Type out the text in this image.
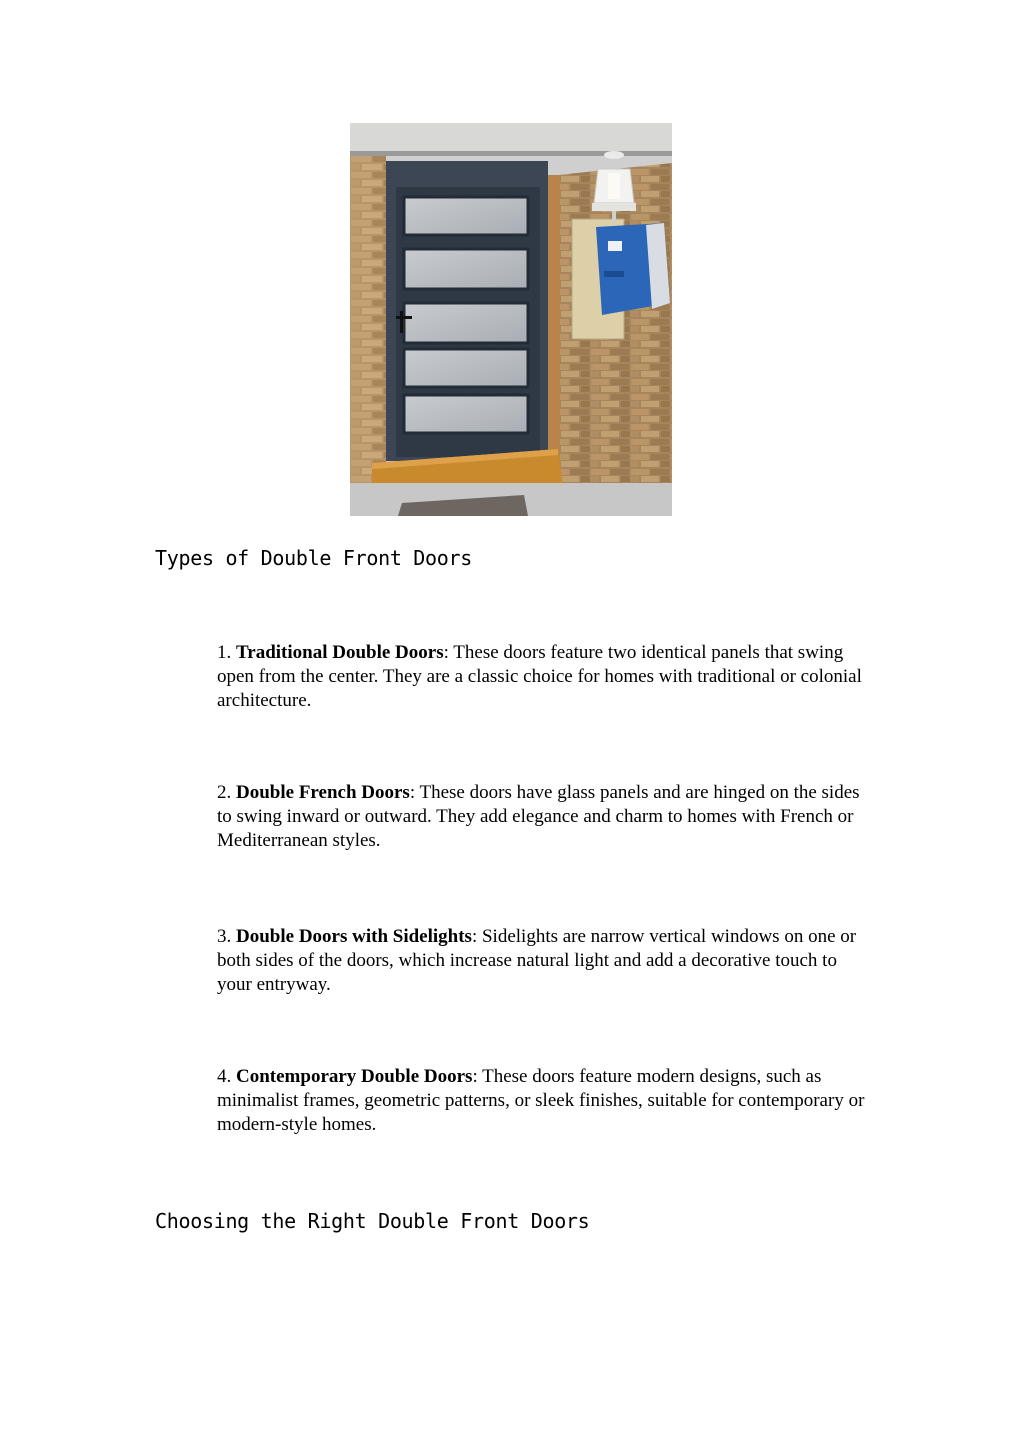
Types of Double Front Doors

1. Traditional Double Doors: These doors feature two identical panels that swing open from the center. They are a classic choice for homes with traditional or colonial architecture.

2. Double French Doors: These doors have glass panels and are hinged on the sides to swing inward or outward. They add elegance and charm to homes with French or Mediterranean styles.

3. Double Doors with Sidelights: Sidelights are narrow vertical windows on one or both sides of the doors, which increase natural light and add a decorative touch to your entryway.

4. Contemporary Double Doors: These doors feature modern designs, such as minimalist frames, geometric patterns, or sleek finishes, suitable for contemporary or modern-style homes.

Choosing the Right Double Front Doors
